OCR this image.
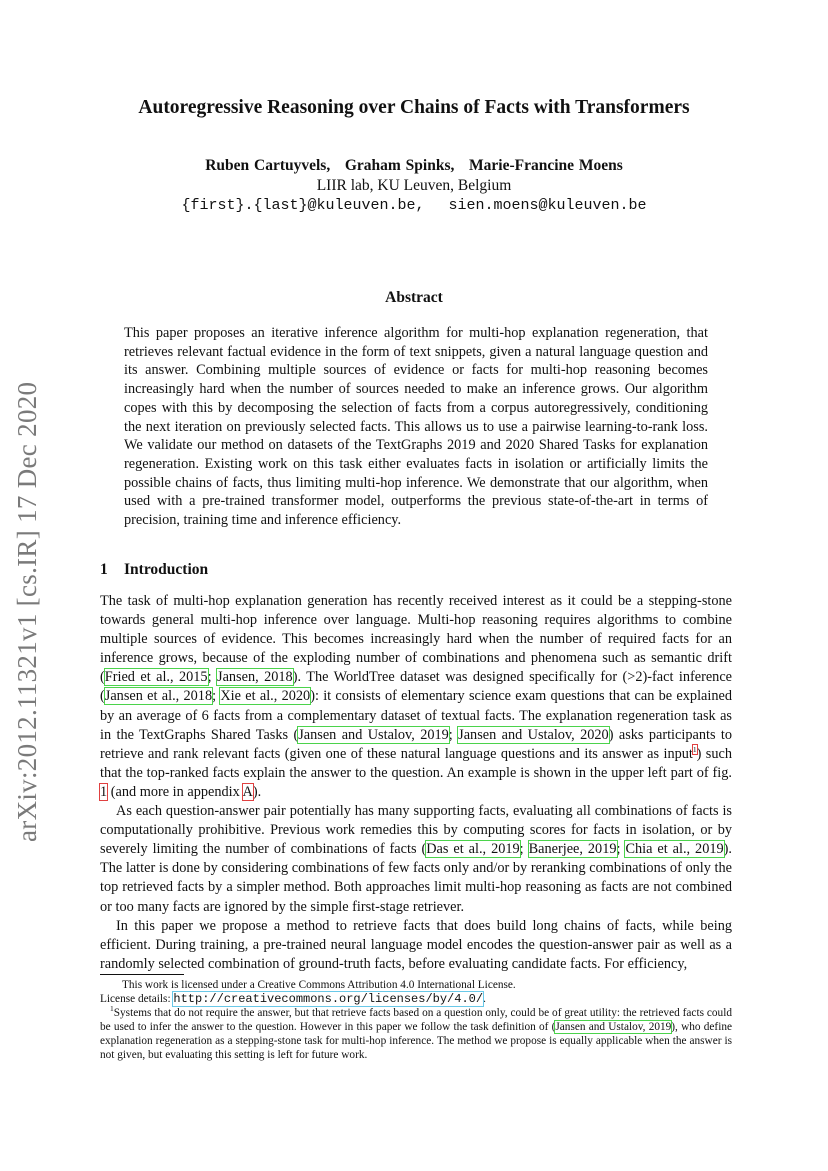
arXiv:2012.11321v1 [cs.IR] 17 Dec 2020
Autoregressive Reasoning over Chains of Facts with Transformers
Ruben Cartuyvels,   Graham Spinks,   Marie-Francine Moens
LIIR lab, KU Leuven, Belgium
{first}.{last}@kuleuven.be, sien.moens@kuleuven.be
Abstract
This paper proposes an iterative inference algorithm for multi-hop explanation regeneration, that retrieves relevant factual evidence in the form of text snippets, given a natural language question and its answer. Combining multiple sources of evidence or facts for multi-hop reasoning becomes increasingly hard when the number of sources needed to make an inference grows. Our algorithm copes with this by decomposing the selection of facts from a corpus autoregressively, conditioning the next iteration on previously selected facts. This allows us to use a pairwise learning-to-rank loss. We validate our method on datasets of the TextGraphs 2019 and 2020 Shared Tasks for explanation regeneration. Existing work on this task either evaluates facts in isolation or artificially limits the possible chains of facts, thus limiting multi-hop inference. We demonstrate that our algorithm, when used with a pre-trained transformer model, outperforms the previous state-of-the-art in terms of precision, training time and inference efficiency.
1 Introduction

The task of multi-hop explanation generation has recently received interest as it could be a stepping-stone towards general multi-hop inference over language. Multi-hop reasoning requires algorithms to combine multiple sources of evidence. This becomes increasingly hard when the number of required facts for an inference grows, because of the exploding number of combinations and phenomena such as semantic drift (Fried et al., 2015; Jansen, 2018). The WorldTree dataset was designed specifically for (>2)-fact inference (Jansen et al., 2018; Xie et al., 2020): it consists of elementary science exam questions that can be explained by an average of 6 facts from a complementary dataset of textual facts. The explanation regeneration task as in the TextGraphs Shared Tasks (Jansen and Ustalov, 2019; Jansen and Ustalov, 2020) asks participants to retrieve and rank relevant facts (given one of these natural language questions and its answer as input$^1$) such that the top-ranked facts explain the answer to the question. An example is shown in the upper left part of fig. 1 (and more in appendix A).

As each question-answer pair potentially has many supporting facts, evaluating all combinations of facts is computationally prohibitive. Previous work remedies this by computing scores for facts in isolation, or by severely limiting the number of combinations of facts (Das et al., 2019; Banerjee, 2019; Chia et al., 2019). The latter is done by considering combinations of few facts only and/or by reranking combinations of only the top retrieved facts by a simpler method. Both approaches limit multi-hop reasoning as facts are not combined or too many facts are ignored by the simple first-stage retriever.

In this paper we propose a method to retrieve facts that does build long chains of facts, while being efficient. During training, a pre-trained neural language model encodes the question-answer pair as well as a randomly selected combination of ground-truth facts, before evaluating candidate facts. For efficiency,

This work is licensed under a Creative Commons Attribution 4.0 International License.

License details: http://creativecommons.org/licenses/by/4.0/.

$^1$Systems that do not require the answer, but that retrieve facts based on a question only, could be of great utility: the retrieved facts could be used to infer the answer to the question. However in this paper we follow the task definition of (Jansen and Ustalov, 2019), who define explanation regeneration as a stepping-stone task for multi-hop inference. The method we propose is equally applicable when the answer is not given, but evaluating this setting is left for future work.
